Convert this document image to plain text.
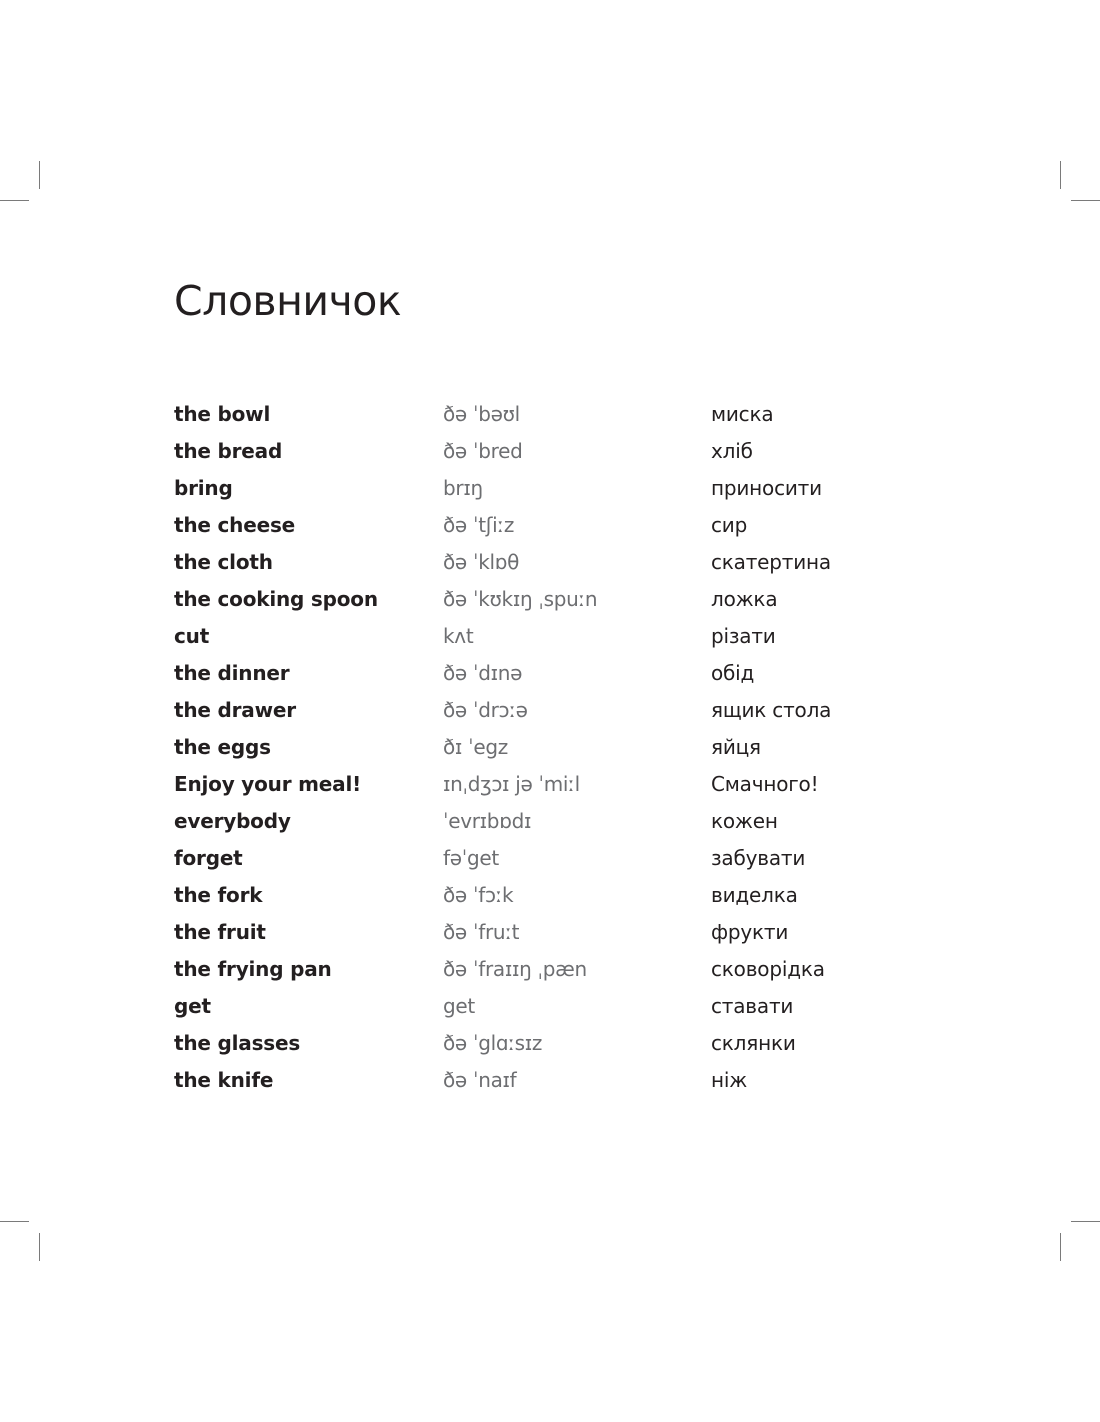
Словничок
the bowl	ðə ˈbəʊl	миска
the bread	ðə ˈbred	хліб
bring	brɪŋ	приносити
the cheese	ðə ˈtʃiːz	сир
the cloth	ðə ˈklɒθ	скатертина
the cooking spoon	ðə ˈkʊkɪŋ ˌspuːn	ложка
cut	kʌt	різати
the dinner	ðə ˈdɪnə	обід
the drawer	ðə ˈdrɔːə	ящик стола
the eggs	ðɪ ˈegz	яйця
Enjoy your meal!	ɪnˌdʒɔɪ jə ˈmiːl	Смачного!
everybody	ˈevrɪbɒdɪ	кожен
forget	fəˈget	забувати
the fork	ðə ˈfɔːk	виделка
the fruit	ðə ˈfruːt	фрукти
the frying pan	ðə ˈfraɪɪŋ ˌpæn	сковорідка
get	get	ставати
the glasses	ðə ˈglɑːsɪz	склянки
the knife	ðə ˈnaɪf	ніж
